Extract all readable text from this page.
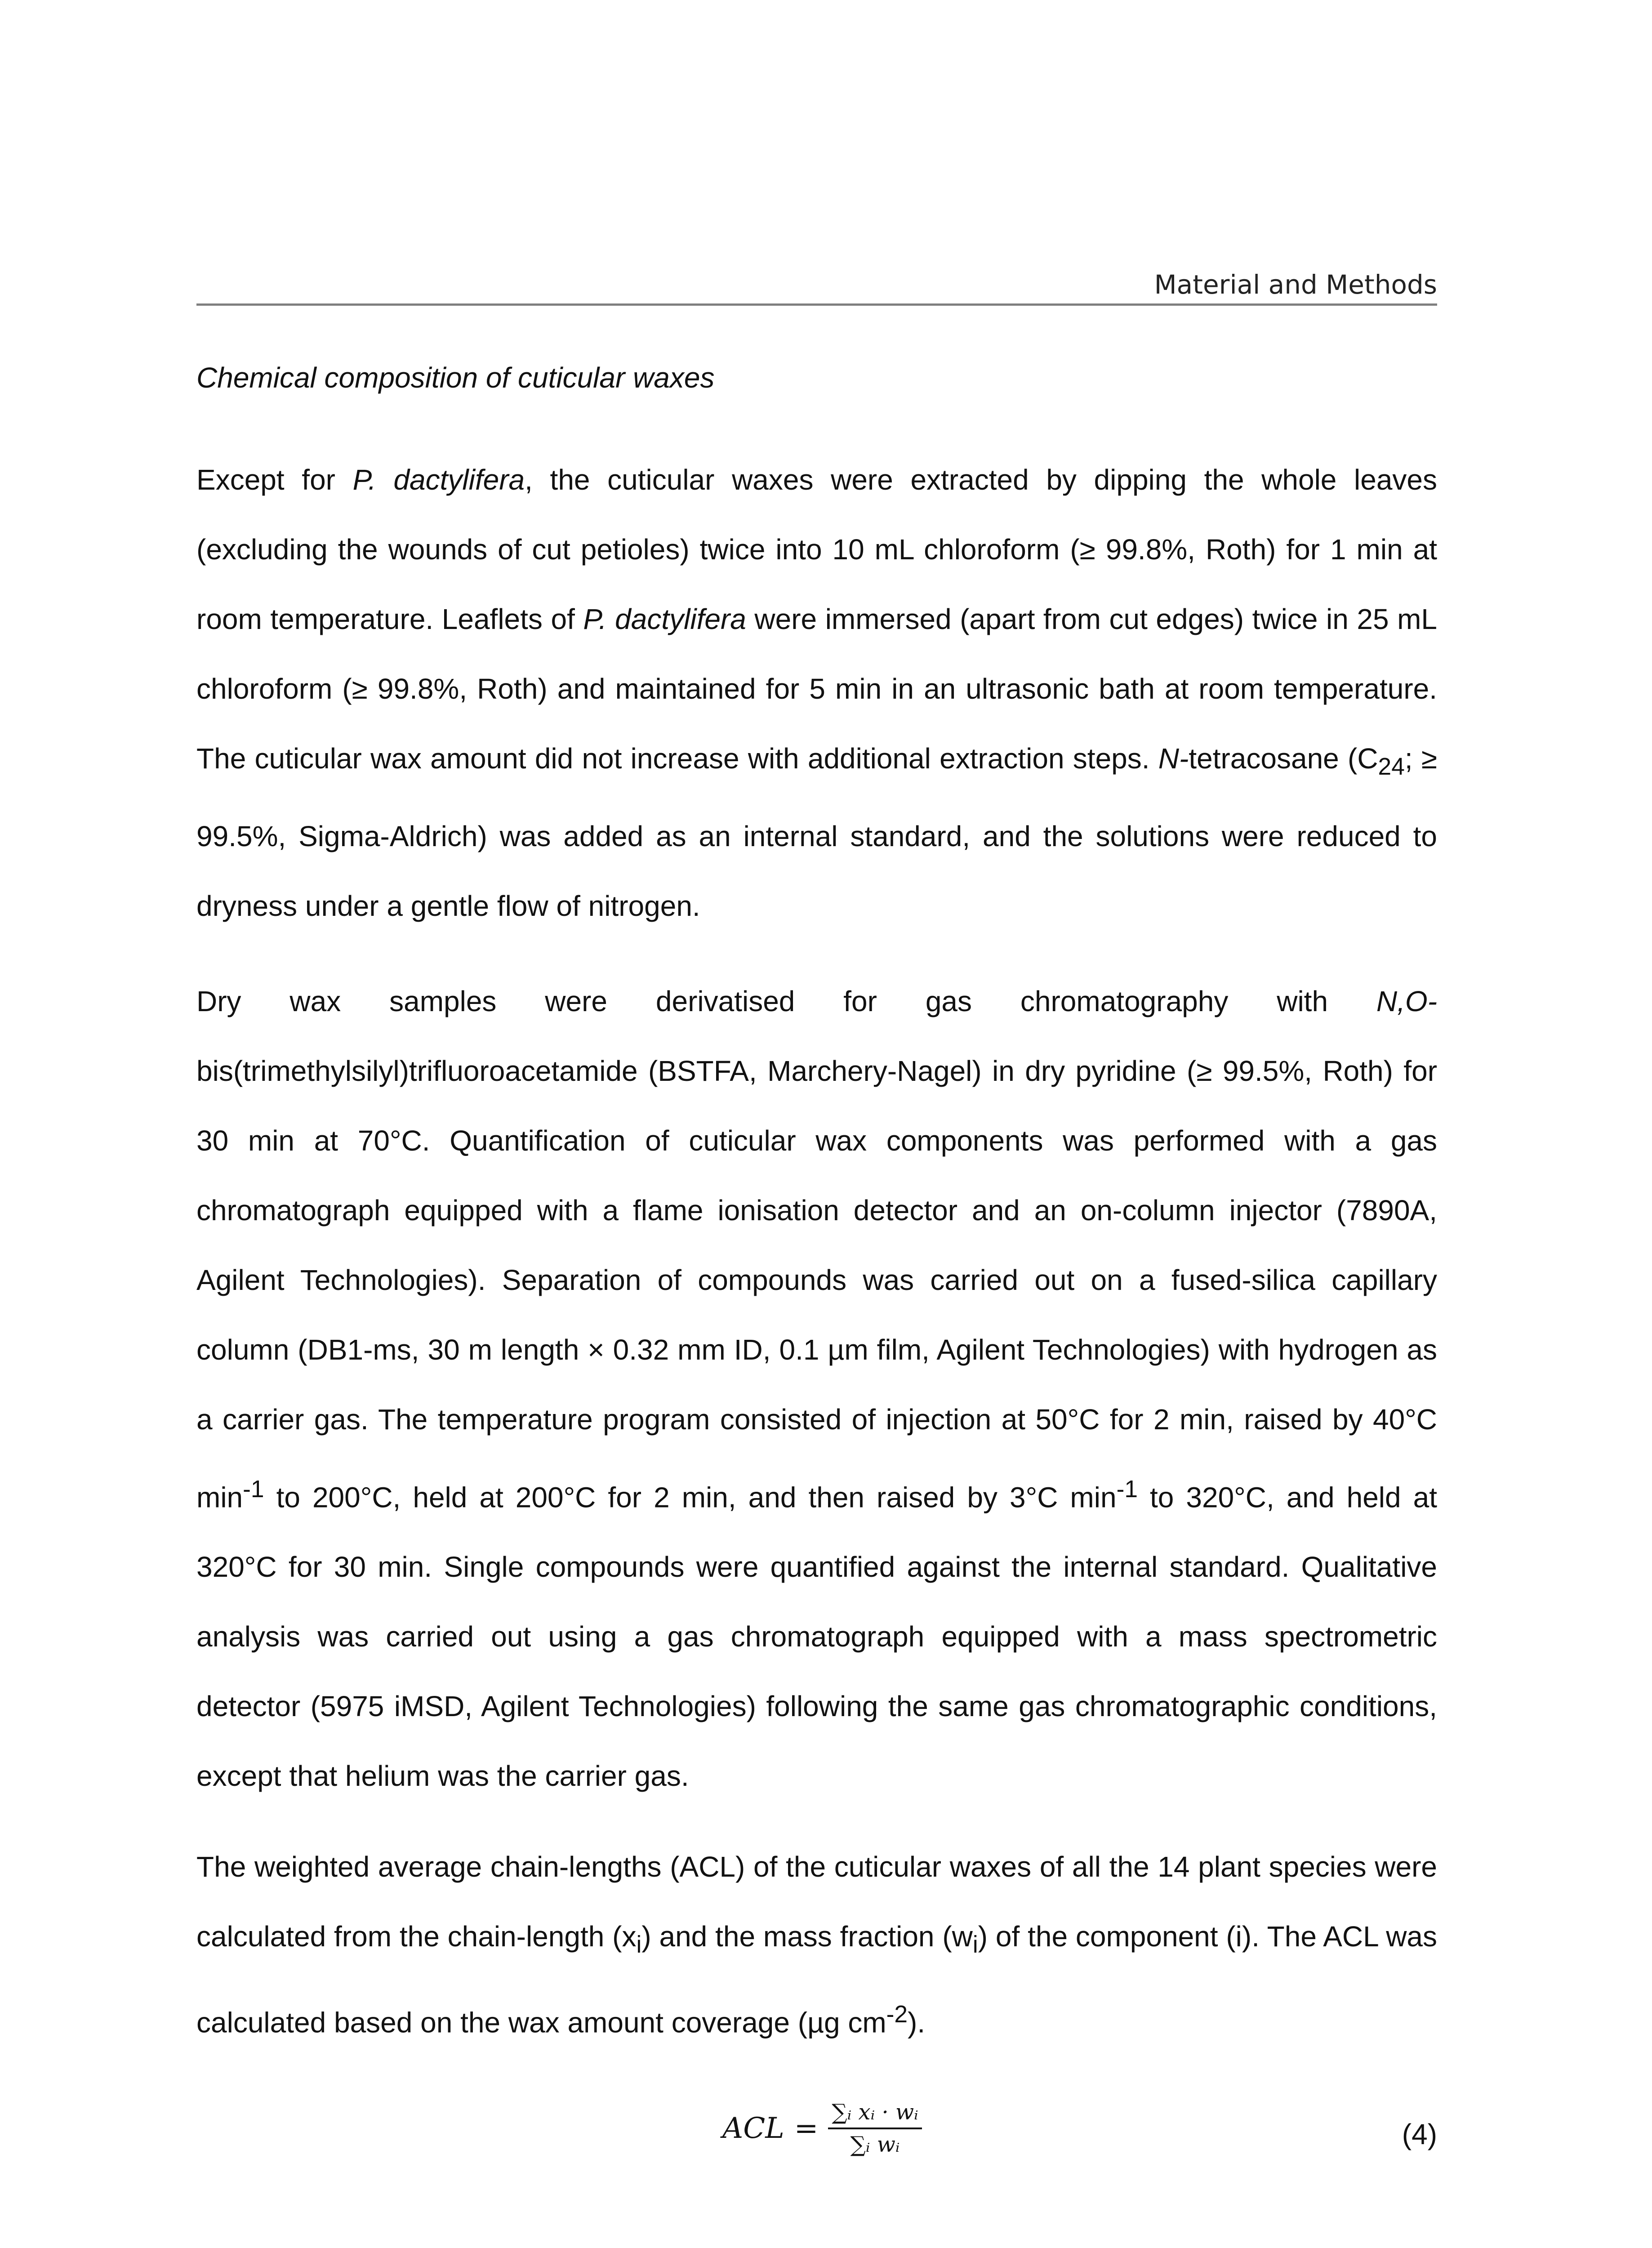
Material and Methods
Chemical composition of cuticular waxes

Except for P. dactylifera, the cuticular waxes were extracted by dipping the whole leaves (excluding the wounds of cut petioles) twice into 10 mL chloroform (≥ 99.8%, Roth) for 1 min at room temperature. Leaflets of P. dactylifera were immersed (apart from cut edges) twice in 25 mL chloroform (≥ 99.8%, Roth) and maintained for 5 min in an ultrasonic bath at room temperature. The cuticular wax amount did not increase with additional extraction steps. N-tetracosane ($C_{24}$; ≥ 99.5%, Sigma-Aldrich) was added as an internal standard, and the solutions were reduced to dryness under a gentle flow of nitrogen.

Dry wax samples were derivatised for gas chromatography with N,O-bis(trimethylsilyl)trifluoroacetamide (BSTFA, Marchery-Nagel) in dry pyridine (≥ 99.5%, Roth) for 30 min at 70°C. Quantification of cuticular wax components was performed with a gas chromatograph equipped with a flame ionisation detector and an on-column injector (7890A, Agilent Technologies). Separation of compounds was carried out on a fused-silica capillary column (DB1-ms, 30 m length × 0.32 mm ID, 0.1 µm film, Agilent Technologies) with hydrogen as a carrier gas. The temperature program consisted of injection at 50°C for 2 min, raised by 40°C $\min^{-1}$ to 200°C, held at 200°C for 2 min, and then raised by 3°C $\min^{-1}$ to 320°C, and held at 320°C for 30 min. Single compounds were quantified against the internal standard. Qualitative analysis was carried out using a gas chromatograph equipped with a mass spectrometric detector (5975 iMSD, Agilent Technologies) following the same gas chromatographic conditions, except that helium was the carrier gas.

The weighted average chain-lengths (ACL) of the cuticular waxes of all the 14 plant species were calculated from the chain-length $(x_i)$ and the mass fraction $(w_i)$ of the component (i). The ACL was calculated based on the wax amount coverage (µg $cm^{-2}$).

ACL = $\frac{\text{∑ᵢ xᵢ · wᵢ}}{\text{∑ᵢ wᵢ}}$	(4)
